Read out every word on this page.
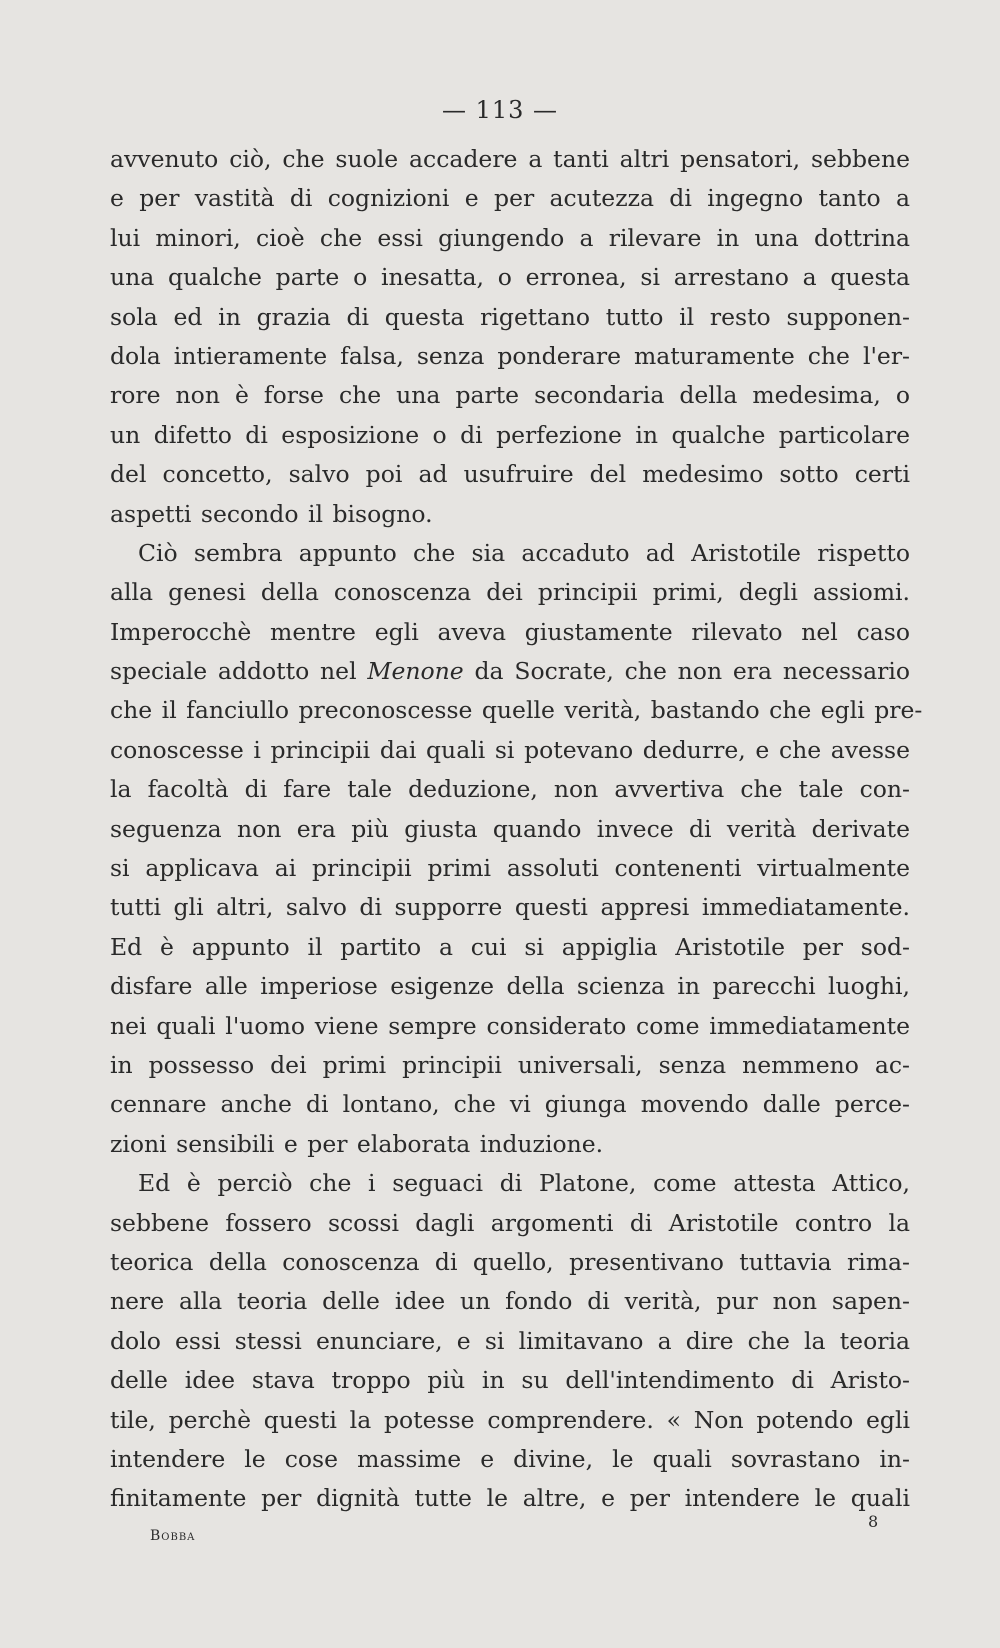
— 113 —
avvenuto ciò, che suole accadere a tanti altri pensatori, sebbene
e per vastità di cognizioni e per acutezza di ingegno tanto a
lui minori, cioè che essi giungendo a rilevare in una dottrina
una qualche parte o inesatta, o erronea, si arrestano a questa
sola ed in grazia di questa rigettano tutto il resto supponen-
dola intieramente falsa, senza ponderare maturamente che l'er-
rore non è forse che una parte secondaria della medesima, o
un difetto di esposizione o di perfezione in qualche particolare
del concetto, salvo poi ad usufruire del medesimo sotto certi
aspetti secondo il bisogno.
Ciò sembra appunto che sia accaduto ad Aristotile rispetto
alla genesi della conoscenza dei principii primi, degli assiomi.
Imperocchè mentre egli aveva giustamente rilevato nel caso
speciale addotto nel Menone da Socrate, che non era necessario
che il fanciullo preconoscesse quelle verità, bastando che egli pre-
conoscesse i principii dai quali si potevano dedurre, e che avesse
la facoltà di fare tale deduzione, non avvertiva che tale con-
seguenza non era più giusta quando invece di verità derivate
si applicava ai principii primi assoluti contenenti virtualmente
tutti gli altri, salvo di supporre questi appresi immediatamente.
Ed è appunto il partito a cui si appiglia Aristotile per sod-
disfare alle imperiose esigenze della scienza in parecchi luoghi,
nei quali l'uomo viene sempre considerato come immediatamente
in possesso dei primi principii universali, senza nemmeno ac-
cennare anche di lontano, che vi giunga movendo dalle perce-
zioni sensibili e per elaborata induzione.
Ed è perciò che i seguaci di Platone, come attesta Attico,
sebbene fossero scossi dagli argomenti di Aristotile contro la
teorica della conoscenza di quello, presentivano tuttavia rima-
nere alla teoria delle idee un fondo di verità, pur non sapen-
dolo essi stessi enunciare, e si limitavano a dire che la teoria
delle idee stava troppo più in su dell'intendimento di Aristo-
tile, perchè questi la potesse comprendere. « Non potendo egli
intendere le cose massime e divine, le quali sovrastano in-
finitamente per dignità tutte le altre, e per intendere le quali
Bobba
8
